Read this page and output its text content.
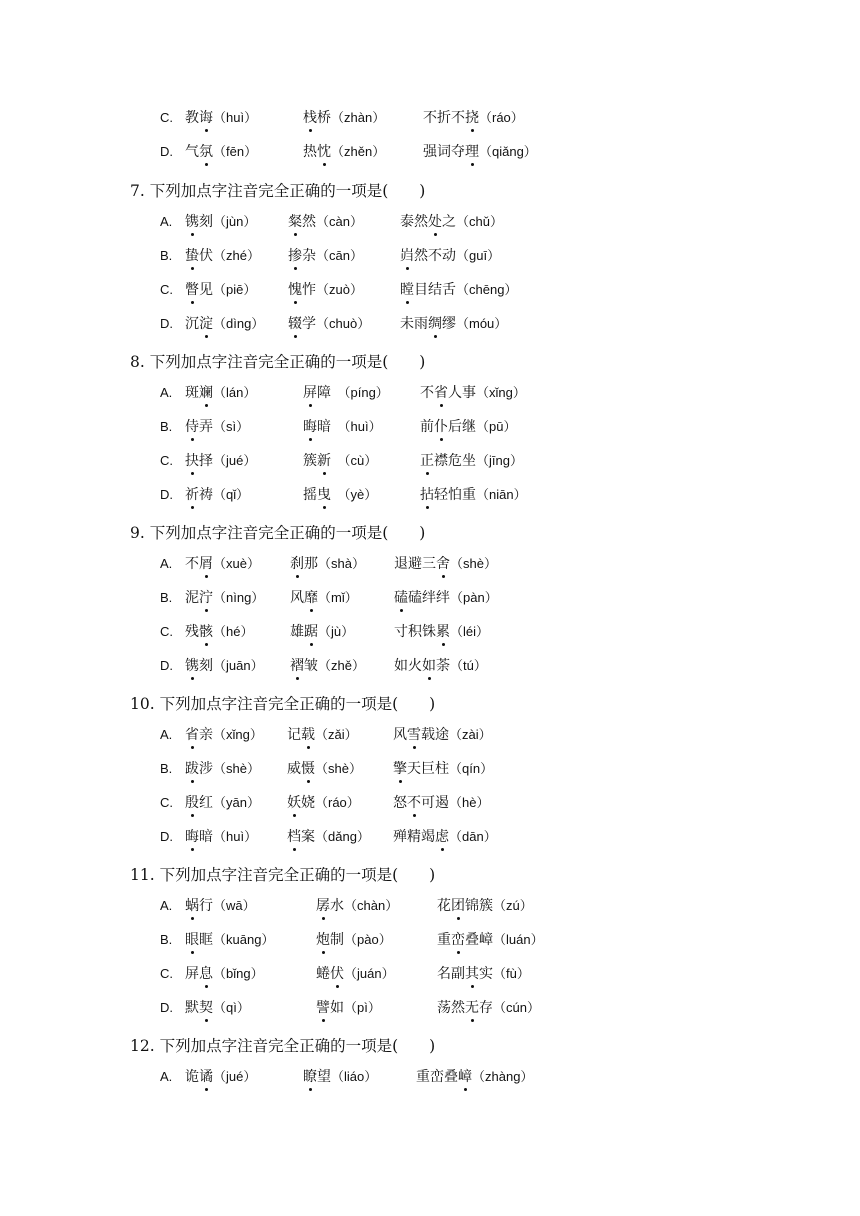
C. 教诲（huì）	栈桥（zhàn）	不折不挠（ráo）
D. 气氛（fēn）	热忱（zhěn）	强词夺理（qiǎng）
7. 下列加点字注音完全正确的一项是(　　)
A. 镌刻（jùn） 粲然（càn）	泰然处之（chǔ）
B. 蛰伏（zhé） 掺杂（cān）	岿然不动（guī）
C. 瞥见（piē） 愧怍（zuò）	瞠目结舌（chēng）
D. 沉淀（dìng） 辍学（chuò） 未雨绸缪（móu）
8. 下列加点字注音完全正确的一项是(　　)
A. 斑斓（lán）	屏障　（píng） 不省人事（xǐng）
B. 侍弄（sì）	晦暗　（huì）	前仆后继（pū）
C. 抉择（jué）	簇新　（cù）	正襟危坐（jīng）
D. 祈祷（qǐ）	摇曳　（yè）	拈轻怕重（niān）
9. 下列加点字注音完全正确的一项是(　　)
A. 不屑（xuè） 刹那（shà） 退避三舍（shè）
B. 泥泞（nìng） 风靡（mǐ）	磕磕绊绊（pàn）
C. 残骸（hé）	雄踞（jù）	寸积铢累（léi）
D. 镌刻（juān） 褶皱（zhě） 如火如荼（tú）
10. 下列加点字注音完全正确的一项是(　　)
A. 省亲（xǐng） 记载（zǎi）	风雪载途（zài）
B. 跋涉（shè） 威慑（shè） 擎天巨柱（qín）
C. 殷红（yān） 妖娆（ráo） 怒不可遏（hè）
D. 晦暗（huì） 档案（dǎng） 殚精竭虑（dān）
11. 下列加点字注音完全正确的一项是(　　)
A. 蜗行（wā）	孱水（chàn）	花团锦簇（zú）
B. 眼眶（kuāng）	炮制（pào）	重峦叠嶂（luán）
C. 屏息（bǐng）	蜷伏（juán）	名副其实（fù）
D. 默契（qì）	譬如（pì）	荡然无存（cún）
12. 下列加点字注音完全正确的一项是(　　)
A. 诡谲（jué）	瞭望（liáo）	重峦叠嶂（zhàng）
